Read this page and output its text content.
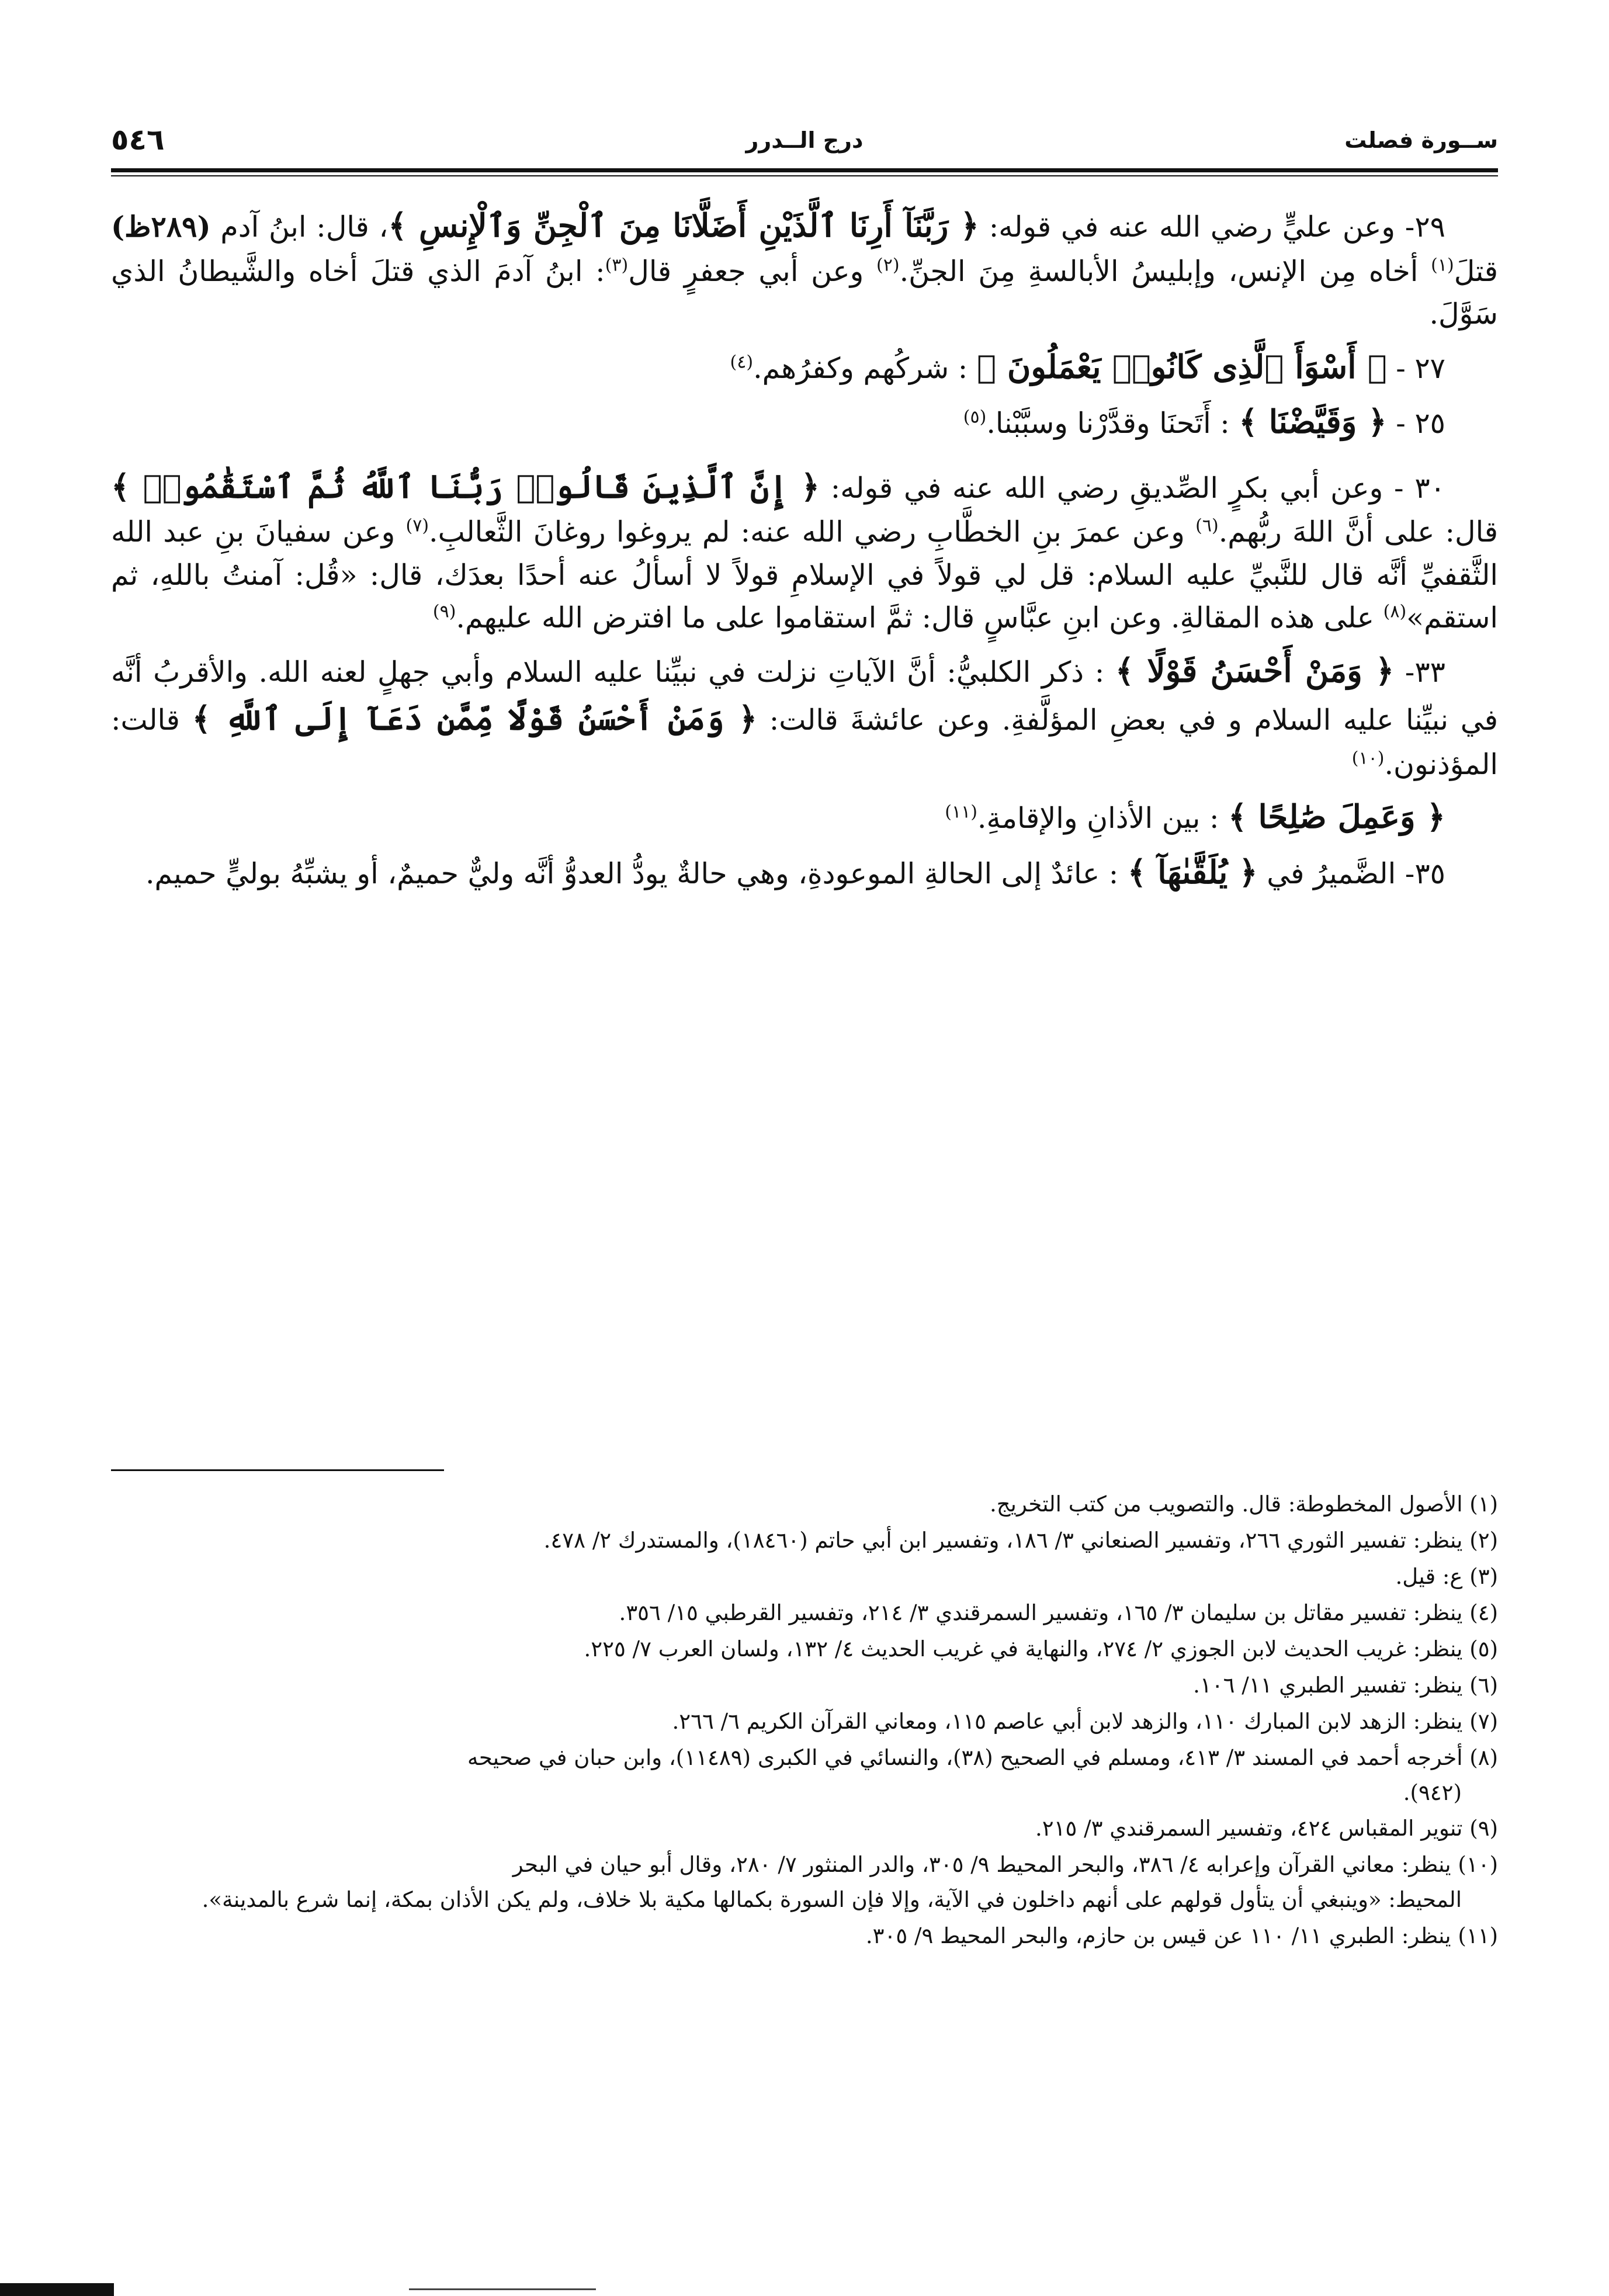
٥٤٦	درج الــدرر	ســورة فصلت

٢٩- وعن عليٍّ رضي الله عنه في قوله: ﴿ رَبَّنَآ أَرِنَا ٱلَّذَيْنِ أَضَلَّانَا مِنَ ٱلْجِنِّ وَٱلْإِنسِ ﴾، قال: ابنُ آدم (٢٨٩ظ) قتلَ$^{(١)}$ أخاه مِن الإنس، وإبليسُ الأبالسةِ مِنَ الجنِّ.$^{(٢)}$ وعن أبي جعفرٍ قال$^{(٣)}$: ابنُ آدمَ الذي قتلَ أخاه والشَّيطانُ الذي سَوَّلَ.

٢٧ - ﴿ أَسْوَأَ ٱلَّذِى كَانُوا۟ يَعْمَلُونَ ﴾ : شركُهم وكفرُهم.$^{(٤)}$

٢٥ - ﴿ وَقَيَّضْنَا ﴾ : أَتَحنَا وقدَّرْنا وسبَّبْنا.$^{(٥)}$

٣٠ - وعن أبي بكرٍ الصِّديقِ رضي الله عنه في قوله: ﴿ إِنَّ ٱلَّذِينَ قَالُوا۟ رَبُّنَا ٱللَّهُ ثُمَّ ٱسْتَقَٰمُوا۟ ﴾ قال: على أنَّ اللهَ ربُّهم.$^{(٦)}$ وعن عمرَ بنِ الخطَّابِ رضي الله عنه: لم يروغوا روغانَ الثَّعالبِ.$^{(٧)}$ وعن سفيانَ بنِ عبد الله الثَّقفيِّ أنَّه قال للنَّبيِّ عليه السلام: قل لي قولاً في الإسلامِ قولاً لا أسألُ عنه أحدًا بعدَك، قال: «قُل: آمنتُ باللهِ، ثم استقم»$^{(٨)}$ على هذه المقالةِ. وعن ابنِ عبَّاسٍ قال: ثمَّ استقاموا على ما افترض الله عليهم.$^{(٩)}$

٣٣- ﴿ وَمَنْ أَحْسَنُ قَوْلًا ﴾ : ذكر الكلبيُّ: أنَّ الآياتِ نزلت في نبيِّنا عليه السلام وأبي جهلٍ لعنه الله. والأقربُ أنَّه في نبيِّنا عليه السلام و في بعضِ المؤلَّفةِ. وعن عائشةَ قالت: ﴿ وَمَنْ أَحْسَنُ قَوْلًا مِّمَّن دَعَآ إِلَى ٱللَّهِ ﴾ قالت: المؤذنون.$^{(١٠)}$

﴿ وَعَمِلَ صَٰلِحًا ﴾ : بين الأذانِ والإقامةِ.$^{(١١)}$

٣٥- الضَّميرُ في ﴿ يُلَقَّىٰهَآ ﴾ : عائدٌ إلى الحالةِ الموعودةِ، وهي حالةٌ يودُّ العدوُّ أنَّه وليٌّ حميمٌ، أو يشبِّهُ بوليٍّ حميم.

(١) الأصول المخطوطة: قال. والتصويب من كتب التخريج.
(٢) ينظر: تفسير الثوري ٢٦٦، وتفسير الصنعاني ٣/ ١٨٦، وتفسير ابن أبي حاتم (١٨٤٦٠)، والمستدرك ٢/ ٤٧٨.
(٣) ع: قيل.
(٤) ينظر: تفسير مقاتل بن سليمان ٣/ ١٦٥، وتفسير السمرقندي ٣/ ٢١٤، وتفسير القرطبي ١٥/ ٣٥٦.
(٥) ينظر: غريب الحديث لابن الجوزي ٢/ ٢٧٤، والنهاية في غريب الحديث ٤/ ١٣٢، ولسان العرب ٧/ ٢٢٥.
(٦) ينظر: تفسير الطبري ١١/ ١٠٦.
(٧) ينظر: الزهد لابن المبارك ١١٠، والزهد لابن أبي عاصم ١١٥، ومعاني القرآن الكريم ٦/ ٢٦٦.
(٨) أخرجه أحمد في المسند ٣/ ٤١٣، ومسلم في الصحيح (٣٨)، والنسائي في الكبرى (١١٤٨٩)، وابن حبان في صحيحه
(٩٤٢).
(٩) تنوير المقباس ٤٢٤، وتفسير السمرقندي ٣/ ٢١٥.
(١٠) ينظر: معاني القرآن وإعرابه ٤/ ٣٨٦، والبحر المحيط ٩/ ٣٠٥، والدر المنثور ٧/ ٢٨٠، وقال أبو حيان في البحر
المحيط: «وينبغي أن يتأول قولهم على أنهم داخلون في الآية، وإلا فإن السورة بكمالها مكية بلا خلاف، ولم يكن الأذان بمكة، إنما شرع بالمدينة».
(١١) ينظر: الطبري ١١/ ١١٠ عن قيس بن حازم، والبحر المحيط ٩/ ٣٠٥.
